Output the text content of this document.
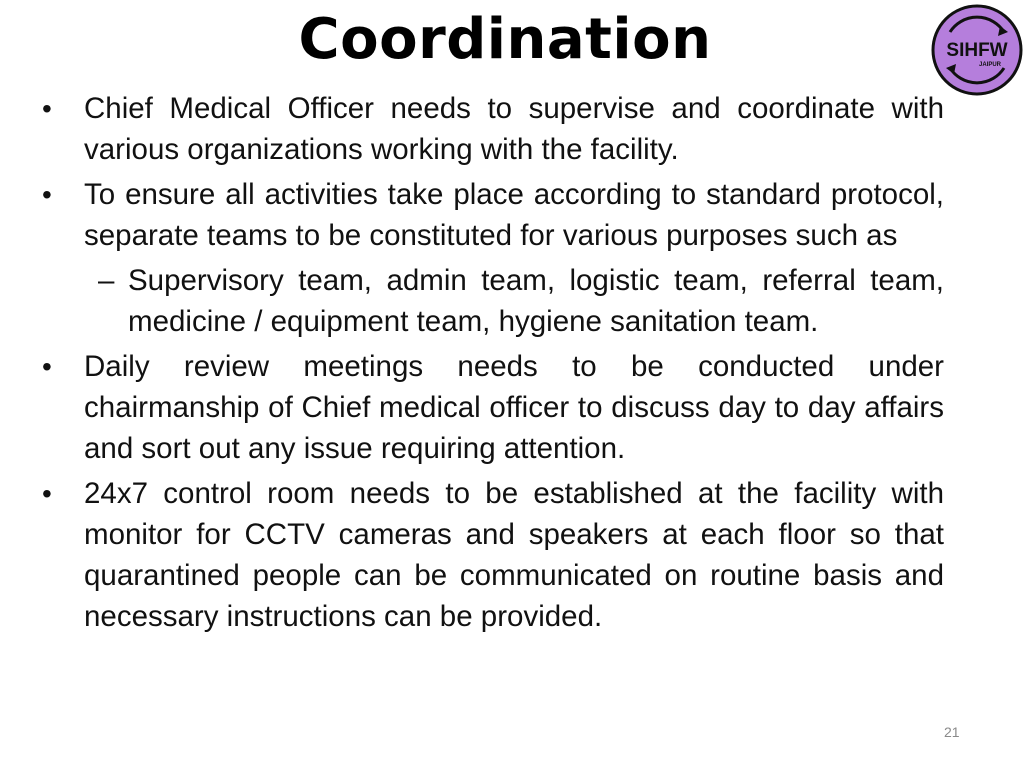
Coordination	SIHFW
JAIPUR
• Chief Medical Officer needs to supervise and coordinate with various organizations working with the facility.
• To ensure all activities take place according to standard protocol, separate teams to be constituted for various purposes such as
– Supervisory team, admin team, logistic team, referral team, medicine / equipment team, hygiene sanitation team.
• Daily review meetings needs to be conducted under chairmanship of Chief medical officer to discuss day to day affairs and sort out any issue requiring attention.
• 24x7 control room needs to be established at the facility with monitor for CCTV cameras and speakers at each floor so that quarantined people can be communicated on routine basis and necessary instructions can be provided.
21
